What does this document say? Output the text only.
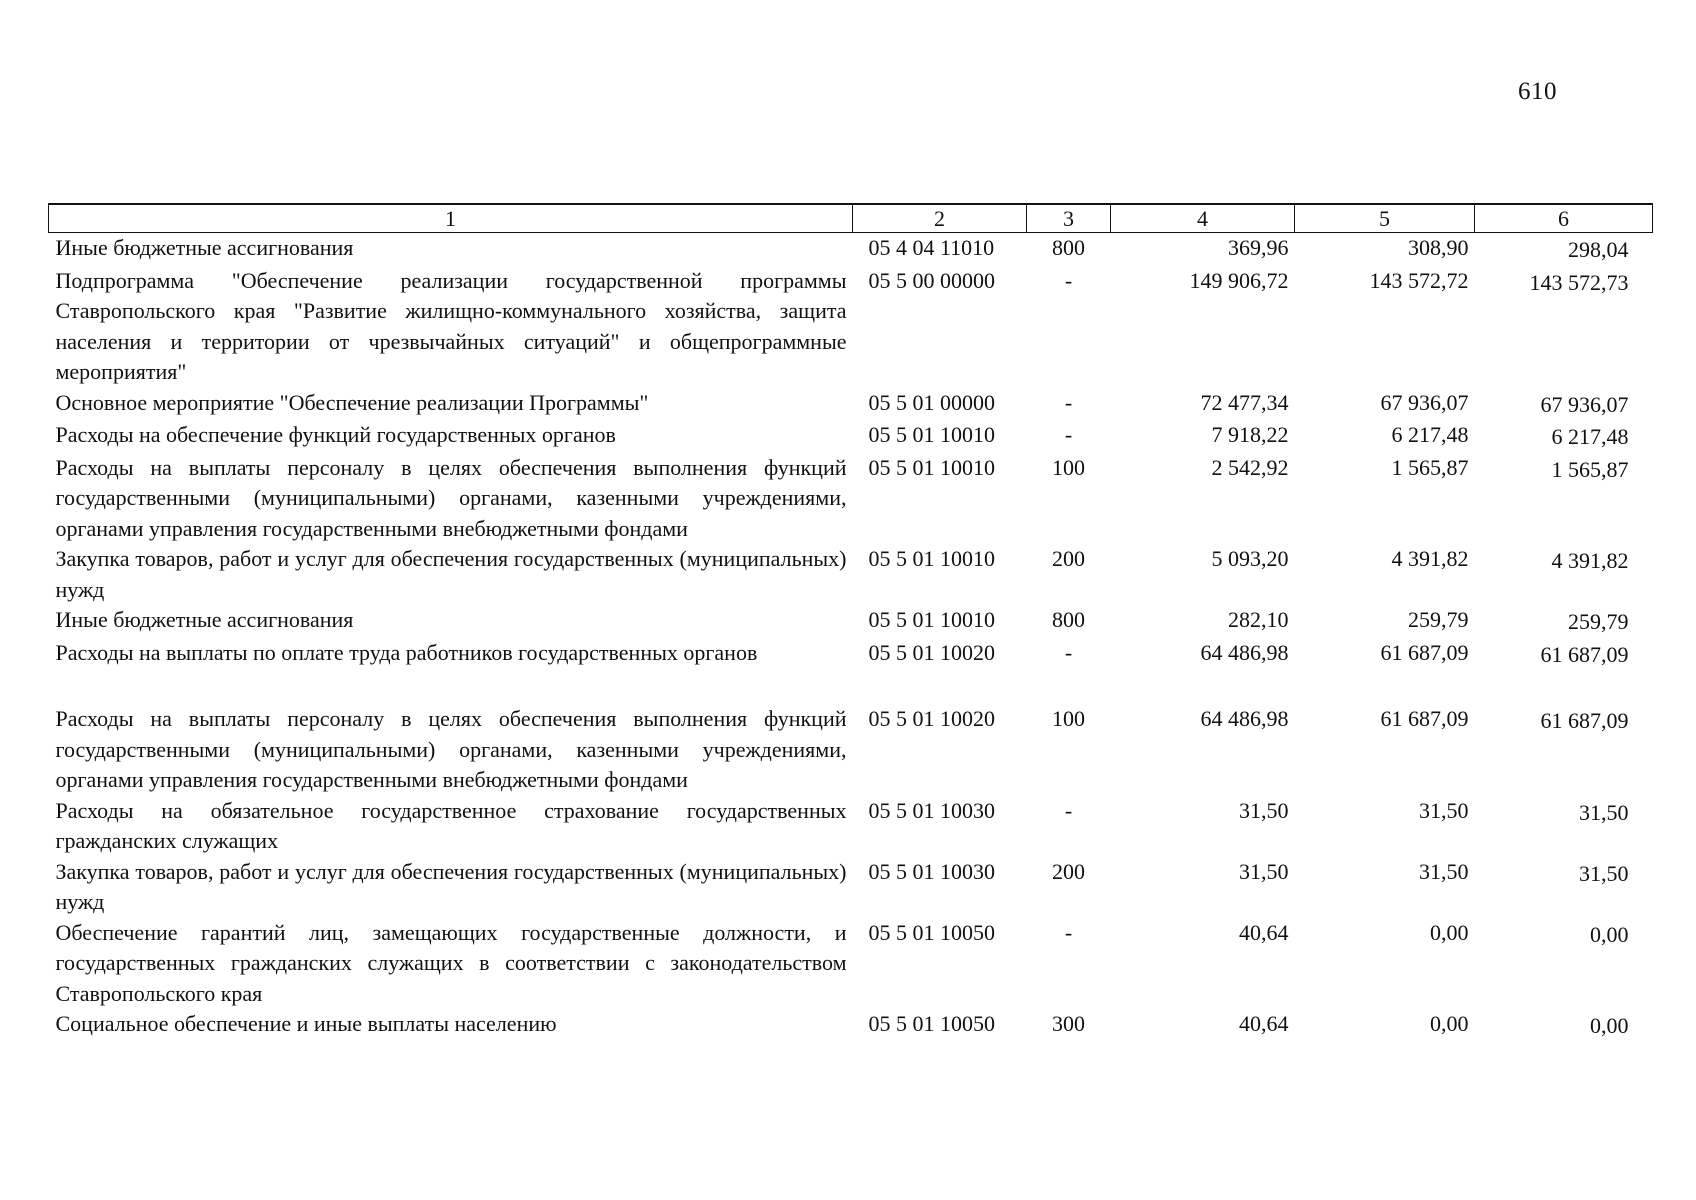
610
1	2	3	4	5	6
Иные бюджетные ассигнования	05 4 04 11010	800	369,96	308,90	298,04
Подпрограмма "Обеспечение реализации государственной программы Ставропольского края "Развитие жилищно-коммунального хозяйства, защита населения и территории от чрезвычайных ситуаций" и общепрограммные мероприятия"	05 5 00 00000	-	149 906,72	143 572,72	143 572,73
Основное мероприятие "Обеспечение реализации Программы"	05 5 01 00000	-	72 477,34	67 936,07	67 936,07
Расходы на обеспечение функций государственных органов	05 5 01 10010	-	7 918,22	6 217,48	6 217,48
Расходы на выплаты персоналу в целях обеспечения выполнения функций государственными (муниципальными) органами, казенными учреждениями, органами управления государственными внебюджетными фондами	05 5 01 10010	100	2 542,92	1 565,87	1 565,87
Закупка товаров, работ и услуг для обеспечения государственных (муниципальных) нужд	05 5 01 10010	200	5 093,20	4 391,82	4 391,82
Иные бюджетные ассигнования	05 5 01 10010	800	282,10	259,79	259,79
Расходы на выплаты по оплате труда работников государственных органов	05 5 01 10020	-	64 486,98	61 687,09	61 687,09

Расходы на выплаты персоналу в целях обеспечения выполнения функций государственными (муниципальными) органами, казенными учреждениями, органами управления государственными внебюджетными фондами	05 5 01 10020	100	64 486,98	61 687,09	61 687,09
Расходы на обязательное государственное страхование государственных гражданских служащих	05 5 01 10030	-	31,50	31,50	31,50
Закупка товаров, работ и услуг для обеспечения государственных (муниципальных) нужд	05 5 01 10030	200	31,50	31,50	31,50
Обеспечение гарантий лиц, замещающих государственные должности, и государственных гражданских служащих в соответствии с законодательством Ставропольского края	05 5 01 10050	-	40,64	0,00	0,00
Социальное обеспечение и иные выплаты населению	05 5 01 10050	300	40,64	0,00	0,00
